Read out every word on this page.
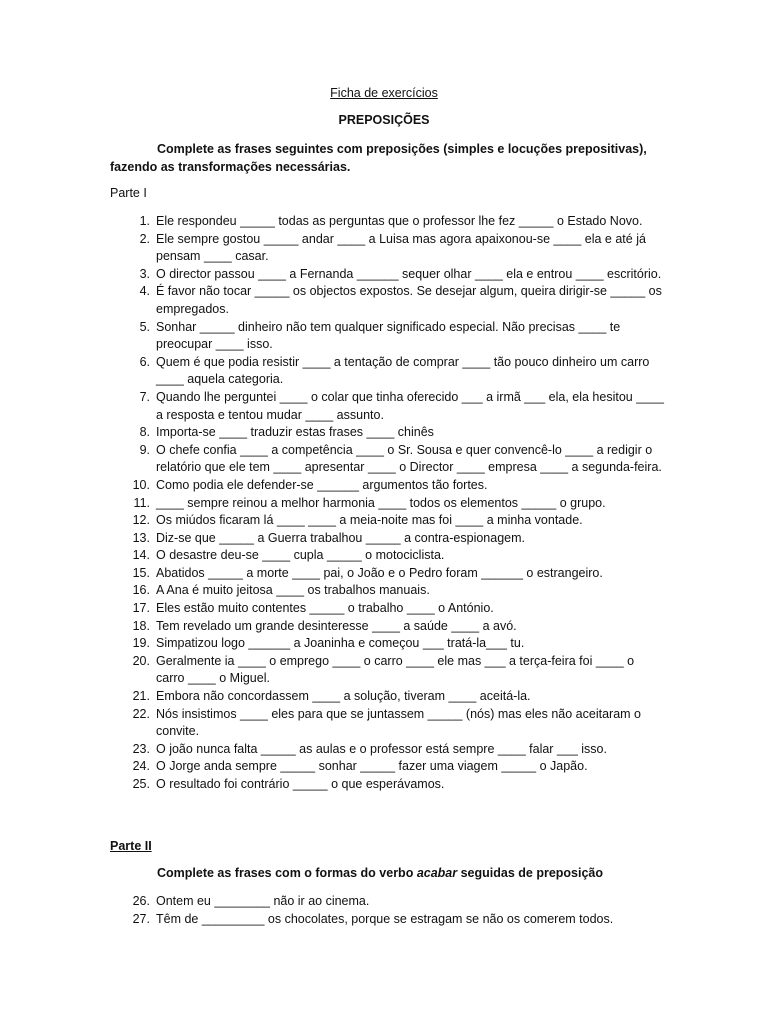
Ficha de exercícios
PREPOSIÇÕES
Complete as frases seguintes com preposições (simples e locuções prepositivas), fazendo as transformações necessárias.
Parte I
1. Ele respondeu _____ todas as perguntas que o professor lhe fez _____ o Estado Novo.
2. Ele sempre gostou _____ andar ____ a Luisa mas agora apaixonou-se ____ ela e até já pensam ____ casar.
3. O director passou ____ a Fernanda ______ sequer olhar ____ ela e entrou ____ escritório.
4. É favor não tocar _____ os objectos expostos. Se desejar algum, queira dirigir-se _____ os empregados.
5. Sonhar _____ dinheiro não tem qualquer significado especial. Não precisas ____ te preocupar ____ isso.
6. Quem é que podia resistir ____ a tentação de comprar ____ tão pouco dinheiro um carro ____ aquela categoria.
7. Quando lhe perguntei ____ o colar que tinha oferecido ___ a irmã ___ ela, ela hesitou ____ a resposta e tentou mudar ____ assunto.
8. Importa-se ____ traduzir estas frases ____ chinês
9. O chefe confia ____ a competência ____ o Sr. Sousa e quer convencê-lo ____ a redigir o relatório que ele tem ____ apresentar ____ o Director ____ empresa ____ a segunda-feira.
10. Como podia ele defender-se ______ argumentos tão fortes.
11. ____ sempre reinou a melhor harmonia ____ todos os elementos _____ o grupo.
12. Os miúdos ficaram lá ____ ____ a meia-noite mas foi ____ a minha vontade.
13. Diz-se que _____ a Guerra trabalhou _____ a contra-espionagem.
14. O desastre deu-se ____ cupla _____ o motociclista.
15. Abatidos _____ a morte ____ pai, o João e o Pedro foram ______ o estrangeiro.
16. A Ana é muito jeitosa ____ os trabalhos manuais.
17. Eles estão muito contentes _____ o trabalho ____ o António.
18. Tem revelado um grande desinteresse ____ a saúde ____ a avó.
19. Simpatizou logo ______ a Joaninha e começou ___ tratá-la___ tu.
20. Geralmente ia ____ o emprego ____ o carro ____ ele mas ___ a terça-feira foi ____ o carro ____ o Miguel.
21. Embora não concordassem ____ a solução, tiveram ____ aceitá-la.
22. Nós insistimos ____ eles para que se juntassem _____ (nós) mas eles não aceitaram o convite.
23. O joão nunca falta _____ as aulas e o professor está sempre ____ falar ___ isso.
24. O Jorge anda sempre _____ sonhar _____ fazer uma viagem _____ o Japão.
25. O resultado foi contrário _____ o que esperávamos.
Parte II
Complete as frases com o formas do verbo acabar seguidas de preposição
26. Ontem eu ________ não ir ao cinema.
27. Têm de _________ os chocolates, porque se estragam se não os comerem todos.
